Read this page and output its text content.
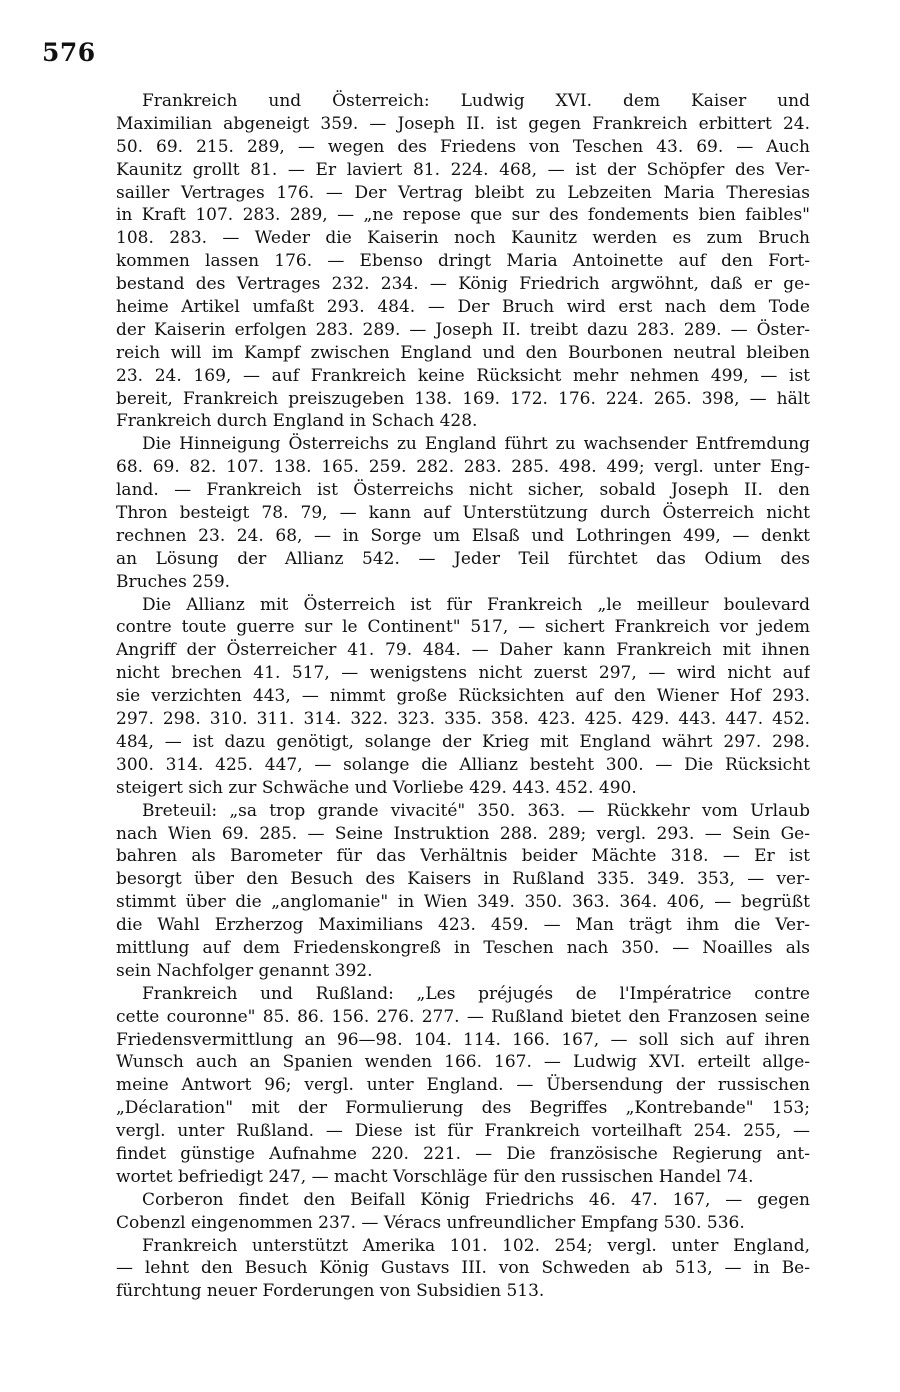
576
Frankreich und Österreich: Ludwig XVI. dem Kaiser und
Maximilian abgeneigt 359. — Joseph II. ist gegen Frankreich erbittert 24.
50. 69. 215. 289, — wegen des Friedens von Teschen 43. 69. — Auch
Kaunitz grollt 81. — Er laviert 81. 224. 468, — ist der Schöpfer des Ver-
sailler Vertrages 176. — Der Vertrag bleibt zu Lebzeiten Maria Theresias
in Kraft 107. 283. 289, — „ne repose que sur des fondements bien faibles"
108. 283. — Weder die Kaiserin noch Kaunitz werden es zum Bruch
kommen lassen 176. — Ebenso dringt Maria Antoinette auf den Fort-
bestand des Vertrages 232. 234. — König Friedrich argwöhnt, daß er ge-
heime Artikel umfaßt 293. 484. — Der Bruch wird erst nach dem Tode
der Kaiserin erfolgen 283. 289. — Joseph II. treibt dazu 283. 289. — Öster-
reich will im Kampf zwischen England und den Bourbonen neutral bleiben
23. 24. 169, — auf Frankreich keine Rücksicht mehr nehmen 499, — ist
bereit, Frankreich preiszugeben 138. 169. 172. 176. 224. 265. 398, — hält
Frankreich durch England in Schach 428.
Die Hinneigung Österreichs zu England führt zu wachsender Entfremdung
68. 69. 82. 107. 138. 165. 259. 282. 283. 285. 498. 499; vergl. unter Eng-
land. — Frankreich ist Österreichs nicht sicher, sobald Joseph II. den
Thron besteigt 78. 79, — kann auf Unterstützung durch Österreich nicht
rechnen 23. 24. 68, — in Sorge um Elsaß und Lothringen 499, — denkt
an Lösung der Allianz 542. — Jeder Teil fürchtet das Odium des
Bruches 259.
Die Allianz mit Österreich ist für Frankreich „le meilleur boulevard
contre toute guerre sur le Continent" 517, — sichert Frankreich vor jedem
Angriff der Österreicher 41. 79. 484. — Daher kann Frankreich mit ihnen
nicht brechen 41. 517, — wenigstens nicht zuerst 297, — wird nicht auf
sie verzichten 443, — nimmt große Rücksichten auf den Wiener Hof 293.
297. 298. 310. 311. 314. 322. 323. 335. 358. 423. 425. 429. 443. 447. 452.
484, — ist dazu genötigt, solange der Krieg mit England währt 297. 298.
300. 314. 425. 447, — solange die Allianz besteht 300. — Die Rücksicht
steigert sich zur Schwäche und Vorliebe 429. 443. 452. 490.
Breteuil: „sa trop grande vivacité" 350. 363. — Rückkehr vom Urlaub
nach Wien 69. 285. — Seine Instruktion 288. 289; vergl. 293. — Sein Ge-
bahren als Barometer für das Verhältnis beider Mächte 318. — Er ist
besorgt über den Besuch des Kaisers in Rußland 335. 349. 353, — ver-
stimmt über die „anglomanie" in Wien 349. 350. 363. 364. 406, — begrüßt
die Wahl Erzherzog Maximilians 423. 459. — Man trägt ihm die Ver-
mittlung auf dem Friedenskongreß in Teschen nach 350. — Noailles als
sein Nachfolger genannt 392.
Frankreich und Rußland: „Les préjugés de l'Impératrice contre
cette couronne" 85. 86. 156. 276. 277. — Rußland bietet den Franzosen seine
Friedensvermittlung an 96—98. 104. 114. 166. 167, — soll sich auf ihren
Wunsch auch an Spanien wenden 166. 167. — Ludwig XVI. erteilt allge-
meine Antwort 96; vergl. unter England. — Übersendung der russischen
„Déclaration" mit der Formulierung des Begriffes „Kontrebande" 153;
vergl. unter Rußland. — Diese ist für Frankreich vorteilhaft 254. 255, —
findet günstige Aufnahme 220. 221. — Die französische Regierung ant-
wortet befriedigt 247, — macht Vorschläge für den russischen Handel 74.
Corberon findet den Beifall König Friedrichs 46. 47. 167, — gegen
Cobenzl eingenommen 237. — Véracs unfreundlicher Empfang 530. 536.
Frankreich unterstützt Amerika 101. 102. 254; vergl. unter England,
— lehnt den Besuch König Gustavs III. von Schweden ab 513, — in Be-
fürchtung neuer Forderungen von Subsidien 513.
